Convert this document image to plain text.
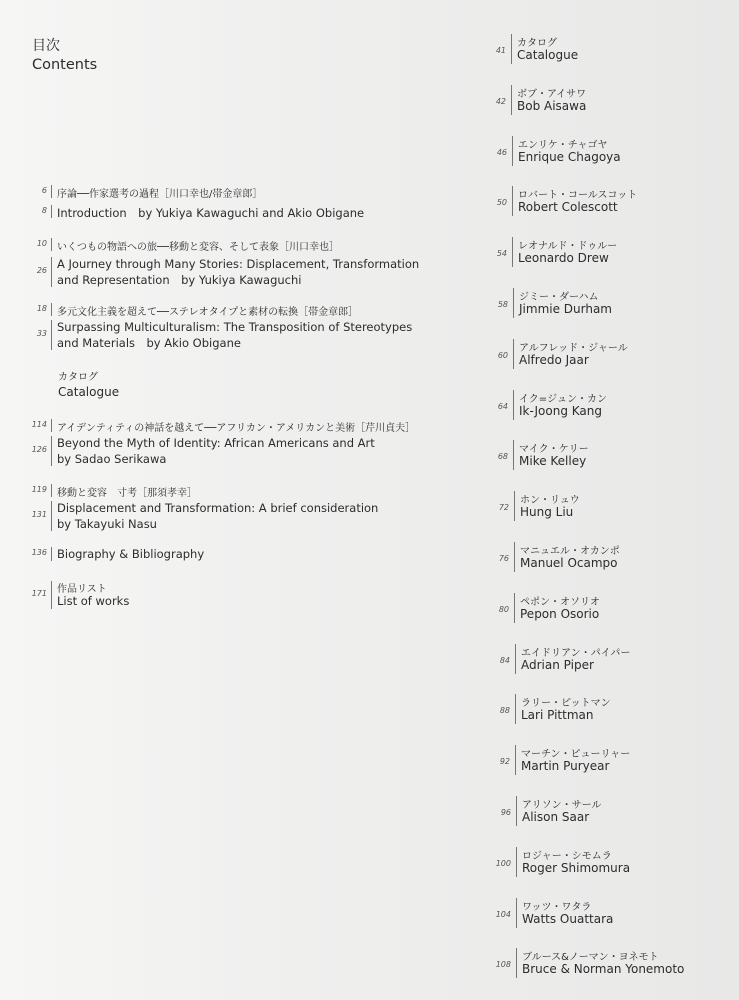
目次
Contents
6 序論──作家選考の過程［川口幸也/帯金章郎］
8 Introduction　by Yukiya Kawaguchi and Akio Obigane
10 いくつもの物語への旅──移動と変容、そして表象［川口幸也］
26 A Journey through Many Stories: Displacement, Transformation
and Representation　by Yukiya Kawaguchi
18 多元文化主義を超えて──ステレオタイプと素材の転換［帯金章郎］
33 Surpassing Multiculturalism: The Transposition of Stereotypes
and Materials　by Akio Obigane
カタログ
Catalogue
114 アイデンティティの神話を越えて──アフリカン・アメリカンと美術［芹川貞夫］
126 Beyond the Myth of Identity: African Americans and Art
by Sadao Serikawa
119 移動と変容　寸考［那須孝幸］
131 Displacement and Transformation: A brief consideration
by Takayuki Nasu
136 Biography & Bibliography
171 作品リスト
List of works
41
カタログ
Catalogue
42
ボブ・アイサワ
Bob Aisawa
46
エンリケ・チャゴヤ
Enrique Chagoya
50
ロバート・コールスコット
Robert Colescott
54
レオナルド・ドゥルー
Leonardo Drew
58
ジミー・ダーハム
Jimmie Durham
60
アルフレッド・ジャール
Alfredo Jaar
64
イク=ジュン・カン
Ik-Joong Kang
68
マイク・ケリー
Mike Kelley
72
ホン・リュウ
Hung Liu
76
マニュエル・オカンポ
Manuel Ocampo
80
ペポン・オソリオ
Pepon Osorio
84
エイドリアン・パイパー
Adrian Piper
88
ラリー・ピットマン
Lari Pittman
92
マーチン・ピューリャー
Martin Puryear
96
アリソン・サール
Alison Saar
100
ロジャー・シモムラ
Roger Shimomura
104
ワッツ・ワタラ
Watts Ouattara
108
ブルース&ノーマン・ヨネモト
Bruce & Norman Yonemoto
